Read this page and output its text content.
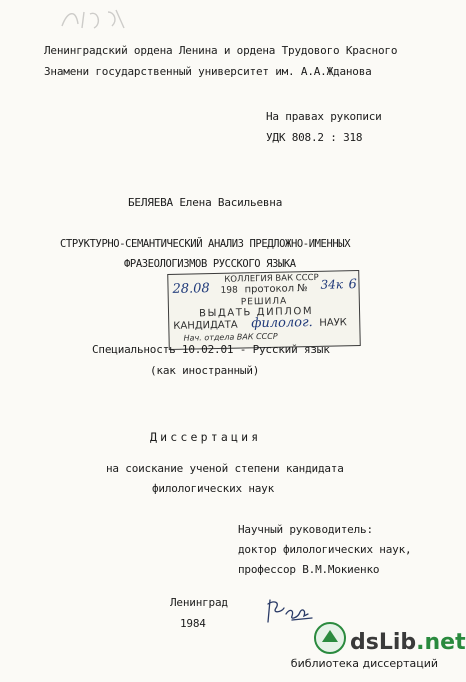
Ленинградский ордена Ленина и ордена Трудового Красного
Знамени государственный университет им. А.А.Жданова
На правах рукописи
УДК 808.2 : 318
БЕЛЯЕВА Елена Васильевна
СТРУКТУРНО-СЕМАНТИЧЕСКИЙ АНАЛИЗ ПРЕДЛОЖНО-ИМЕННЫХ
ФРАЗЕОЛОГИЗМОВ РУССКОГО ЯЗЫКА
КОЛЛЕГИЯ ВАК СССР
28.08 198 протокол № 34к 6
РЕШИЛА
ВЫДАТЬ ДИПЛОМ
КАНДИДАТА филолог. НАУК
Нач. отдела ВАК СССР
Специальность 10.02.01 - Русский язык
(как иностранный)
Диссертация
на соискание ученой степени кандидата
филологических наук
Научный руководитель:
доктор филологических наук,
профессор В.М.Мокиенко
Ленинград
1984
dsLib.net
библиотека диссертаций
